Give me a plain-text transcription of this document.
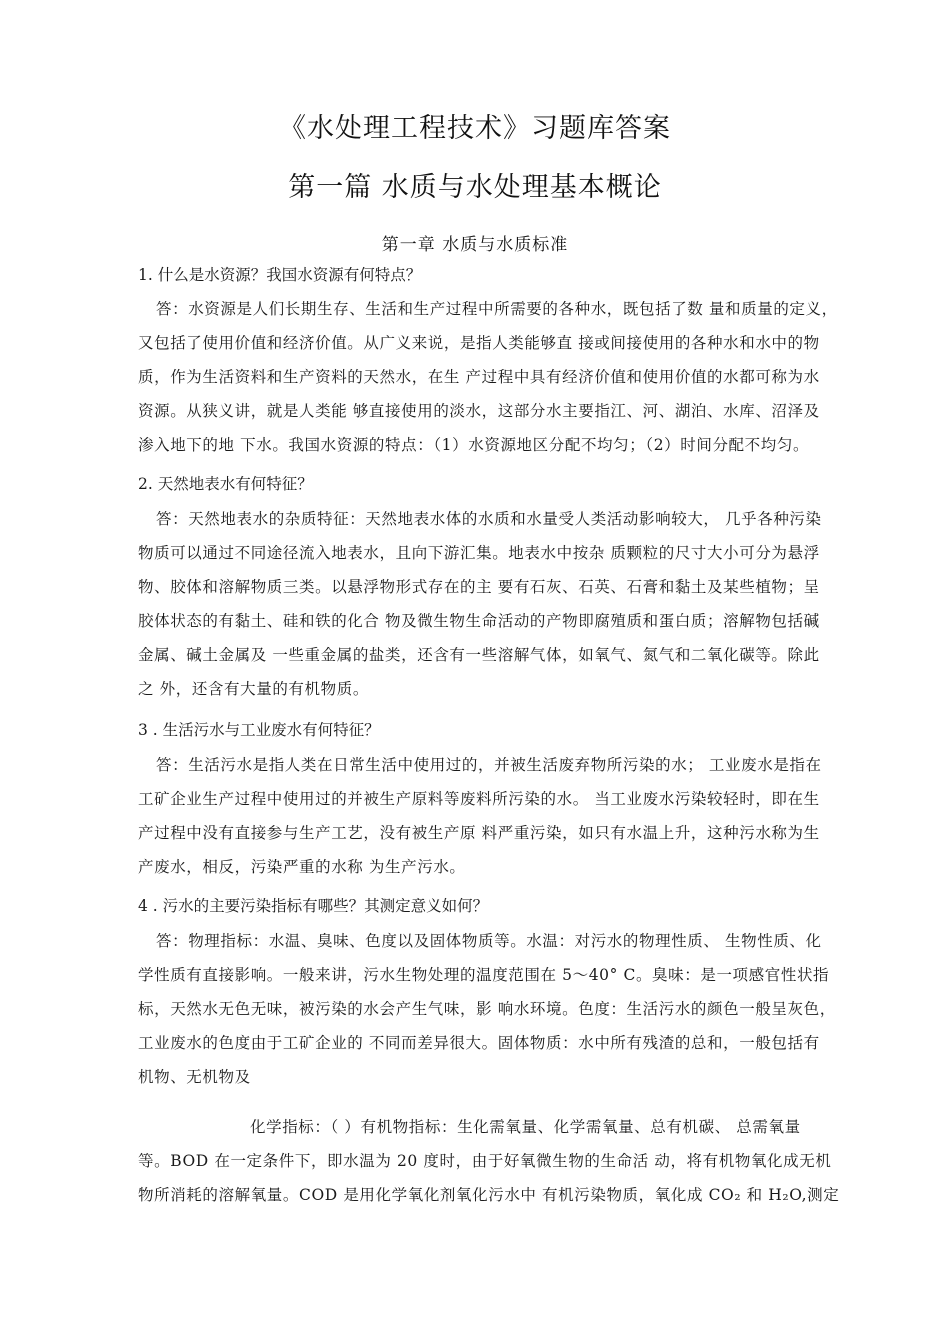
《水处理工程技术》习题库答案
第一篇 水质与水处理基本概论
第一章 水质与水质标准
1. 什么是水资源？我国水资源有何特点？
答：水资源是人们长期生存、生活和生产过程中所需要的各种水，既包括了数 量和质量的定义，
又包括了使用价值和经济价值。从广义来说，是指人类能够直 接或间接使用的各种水和水中的物
质，作为生活资料和生产资料的天然水，在生 产过程中具有经济价值和使用价值的水都可称为水
资源。从狭义讲，就是人类能 够直接使用的淡水，这部分水主要指江、河、湖泊、水库、沼泽及
渗入地下的地 下水。我国水资源的特点：（1）水资源地区分配不均匀；（2）时间分配不均匀。
2. 天然地表水有何特征？
答：天然地表水的杂质特征：天然地表水体的水质和水量受人类活动影响较大， 几乎各种污染
物质可以通过不同途径流入地表水，且向下游汇集。地表水中按杂 质颗粒的尺寸大小可分为悬浮
物、胶体和溶解物质三类。以悬浮物形式存在的主 要有石灰、石英、石膏和黏土及某些植物；呈
胶体状态的有黏土、硅和铁的化合 物及微生物生命活动的产物即腐殖质和蛋白质；溶解物包括碱
金属、碱土金属及 一些重金属的盐类，还含有一些溶解气体，如氧气、氮气和二氧化碳等。除此
之 外，还含有大量的有机物质。
3 . 生活污水与工业废水有何特征？
答：生活污水是指人类在日常生活中使用过的，并被生活废弃物所污染的水； 工业废水是指在
工矿企业生产过程中使用过的并被生产原料等废料所污染的水。 当工业废水污染较轻时，即在生
产过程中没有直接参与生产工艺，没有被生产原 料严重污染，如只有水温上升，这种污水称为生
产废水，相反，污染严重的水称 为生产污水。
4 . 污水的主要污染指标有哪些？其测定意义如何？
答：物理指标：水温、臭味、色度以及固体物质等。水温：对污水的物理性质、 生物性质、化
学性质有直接影响。一般来讲，污水生物处理的温度范围在 5～40° C。臭味：是一项感官性状指
标，天然水无色无味，被污染的水会产生气味，影 响水环境。色度：生活污水的颜色一般呈灰色，
工业废水的色度由于工矿企业的 不同而差异很大。固体物质：水中所有残渣的总和，一般包括有
机物、无机物及
化学指标：（ ）有机物指标：生化需氧量、化学需氧量、总有机碳、 总需氧量
等。BOD 在一定条件下，即水温为 20 度时，由于好氧微生物的生命活 动，将有机物氧化成无机
物所消耗的溶解氧量。COD 是用化学氧化剂氧化污水中 有机污染物质，氧化成 CO₂ 和 H₂O,测定
